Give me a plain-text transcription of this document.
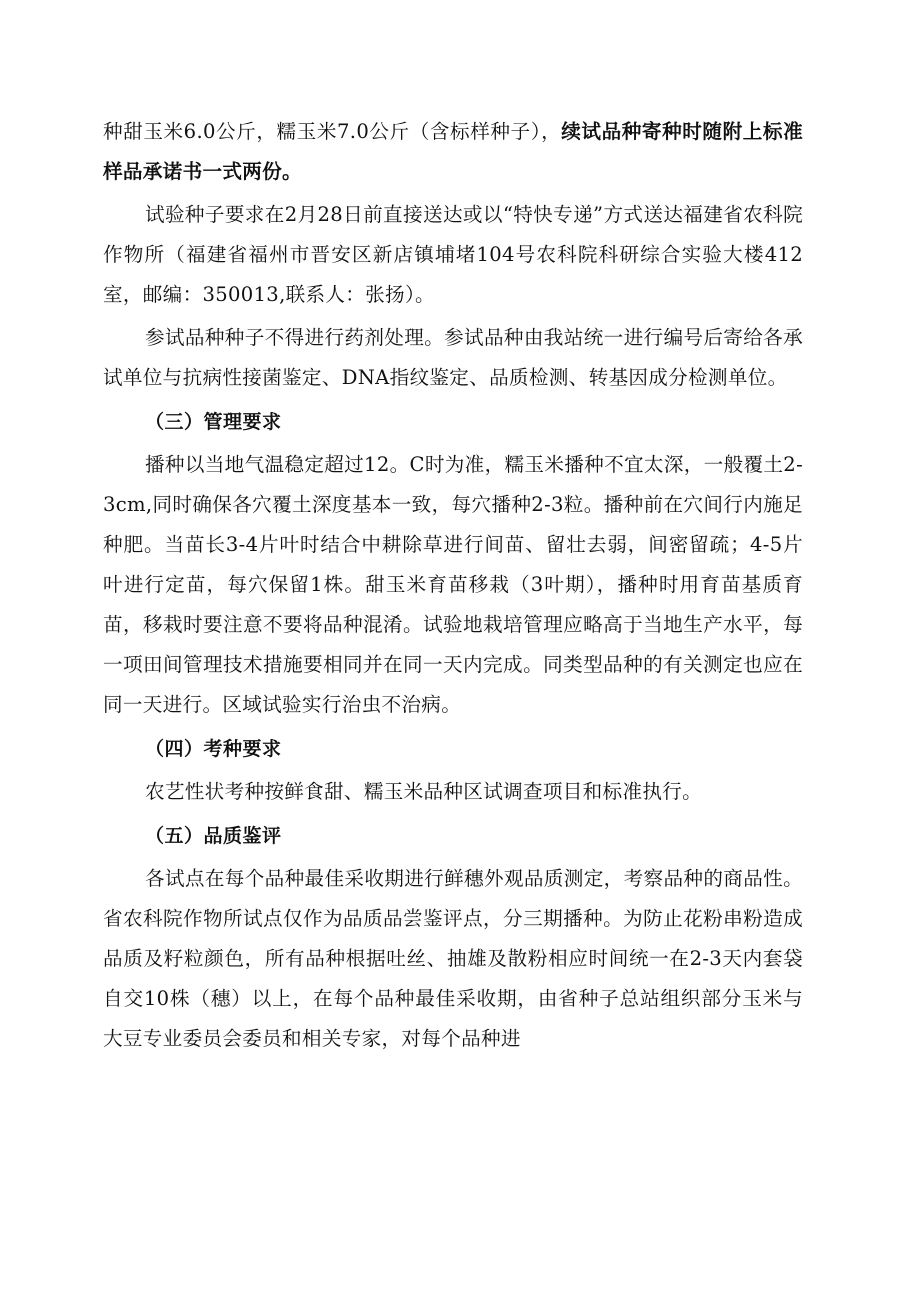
种甜玉米6.0公斤，糯玉米7.0公斤（含标样种子），续试品种寄种时随附上标准样品承诺书一式两份。

试验种子要求在2月28日前直接送达或以“特快专递”方式送达福建省农科院作物所（福建省福州市晋安区新店镇埔堵104号农科院科研综合实验大楼412室，邮编：350013,联系人：张扬）。

参试品种种子不得进行药剂处理。参试品种由我站统一进行编号后寄给各承试单位与抗病性接菌鉴定、DNA指纹鉴定、品质检测、转基因成分检测单位。

（三）管理要求

播种以当地气温稳定超过12。C时为准，糯玉米播种不宜太深，一般覆土2-3cm,同时确保各穴覆土深度基本一致，每穴播种2-3粒。播种前在穴间行内施足种肥。当苗长3-4片叶时结合中耕除草进行间苗、留壮去弱，间密留疏；4-5片叶进行定苗，每穴保留1株。甜玉米育苗移栽（3叶期），播种时用育苗基质育苗，移栽时要注意不要将品种混淆。试验地栽培管理应略高于当地生产水平，每一项田间管理技术措施要相同并在同一天内完成。同类型品种的有关测定也应在同一天进行。区域试验实行治虫不治病。

（四）考种要求

农艺性状考种按鲜食甜、糯玉米品种区试调查项目和标准执行。

（五）品质鉴评

各试点在每个品种最佳采收期进行鲜穗外观品质测定，考察品种的商品性。省农科院作物所试点仅作为品质品尝鉴评点，分三期播种。为防止花粉串粉造成品质及籽粒颜色，所有品种根据吐丝、抽雄及散粉相应时间统一在2-3天内套袋自交10株（穗）以上，在每个品种最佳采收期，由省种子总站组织部分玉米与大豆专业委员会委员和相关专家，对每个品种进
